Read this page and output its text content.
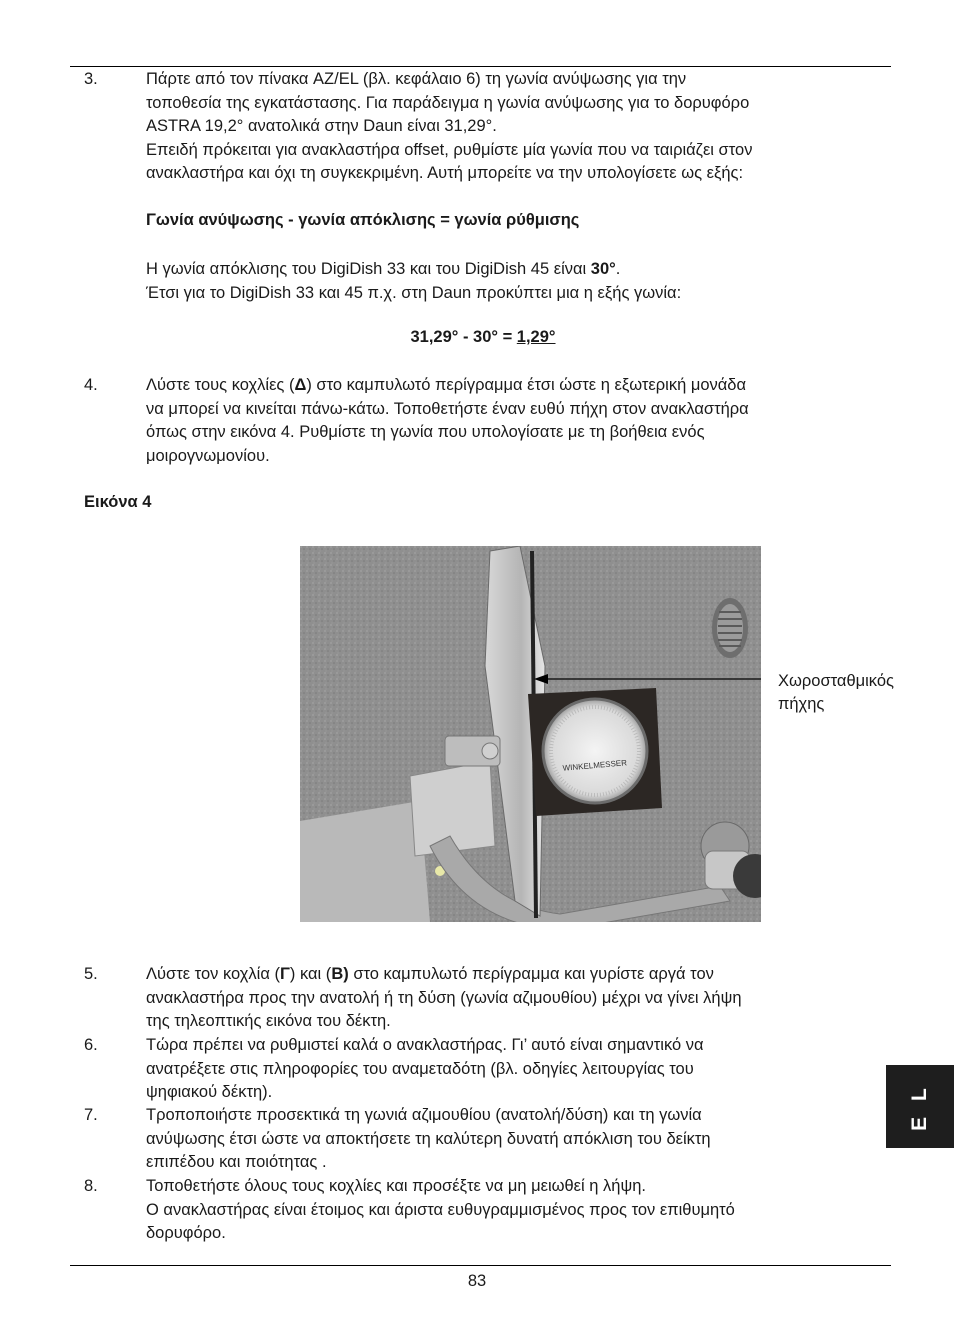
3.	Πάρτε από τον πίνακα AZ/EL (βλ. κεφάλαιο 6) τη γωνία ανύψωσης για την

τοποθεσία της εγκατάστασης. Για παράδειγμα η γωνία ανύψωσης για το δορυφόρο

ASTRA 19,2° ανατολικά στην Daun είναι 31,29°.

Επειδή πρόκειται για ανακλαστήρα offset, ρυθμίστε μία γωνία που να ταιριάζει στον

ανακλαστήρα και όχι τη συγκεκριμένη. Αυτή μπορείτε να την υπολογίσετε ως εξής:

Γωνία ανύψωσης - γωνία απόκλισης = γωνία ρύθμισης

Η γωνία απόκλισης του DigiDish 33 και του DigiDish 45 είναι 30°.

Έτσι για το DigiDish 33 και 45 π.χ. στη Daun προκύπτει μια η εξής γωνία:

31,29° - 30° = 1,29°
4.	Λύστε τους κοχλίες (Δ) στο καμπυλωτό περίγραμμα έτσι ώστε η εξωτερική μονάδα

να μπορεί να κινείται πάνω-κάτω. Τοποθετήστε έναν ευθύ πήχη στον ανακλαστήρα

όπως στην εικόνα 4. Ρυθμίστε τη γωνία που υπολογίσατε με τη βοήθεια ενός

μοιρογνωμονίου.

Εικόνα 4
WINKELMESSER
Χωροσταθμικός
πήχης
5.	Λύστε τον κοχλία (Γ) και (Β) στο καμπυλωτό περίγραμμα και γυρίστε αργά τον

ανακλαστήρα προς την ανατολή ή τη δύση (γωνία αζιμουθίου) μέχρι να γίνει λήψη

της τηλεοπτικής εικόνα του δέκτη.

6.	Τώρα πρέπει να ρυθμιστεί καλά ο ανακλαστήρας. Γι’ αυτό είναι σημαντικό να

ανατρέξετε στις πληροφορίες του αναμεταδότη (βλ. οδηγίες λειτουργίας του

ψηφιακού δέκτη).

7.	Τροποποιήστε προσεκτικά τη γωνιά αζιμουθίου (ανατολή/δύση) και τη γωνία

ανύψωσης έτσι ώστε να αποκτήσετε τη καλύτερη δυνατή απόκλιση του δείκτη

επιπέδου και ποιότητας .

8.	Τοποθετήστε όλους τους κοχλίες και προσέξτε να μη μειωθεί η λήψη.

Ο ανακλαστήρας είναι έτοιμος και άριστα ευθυγραμμισμένος προς τον επιθυμητό

δορυφόρο.

E L
83
